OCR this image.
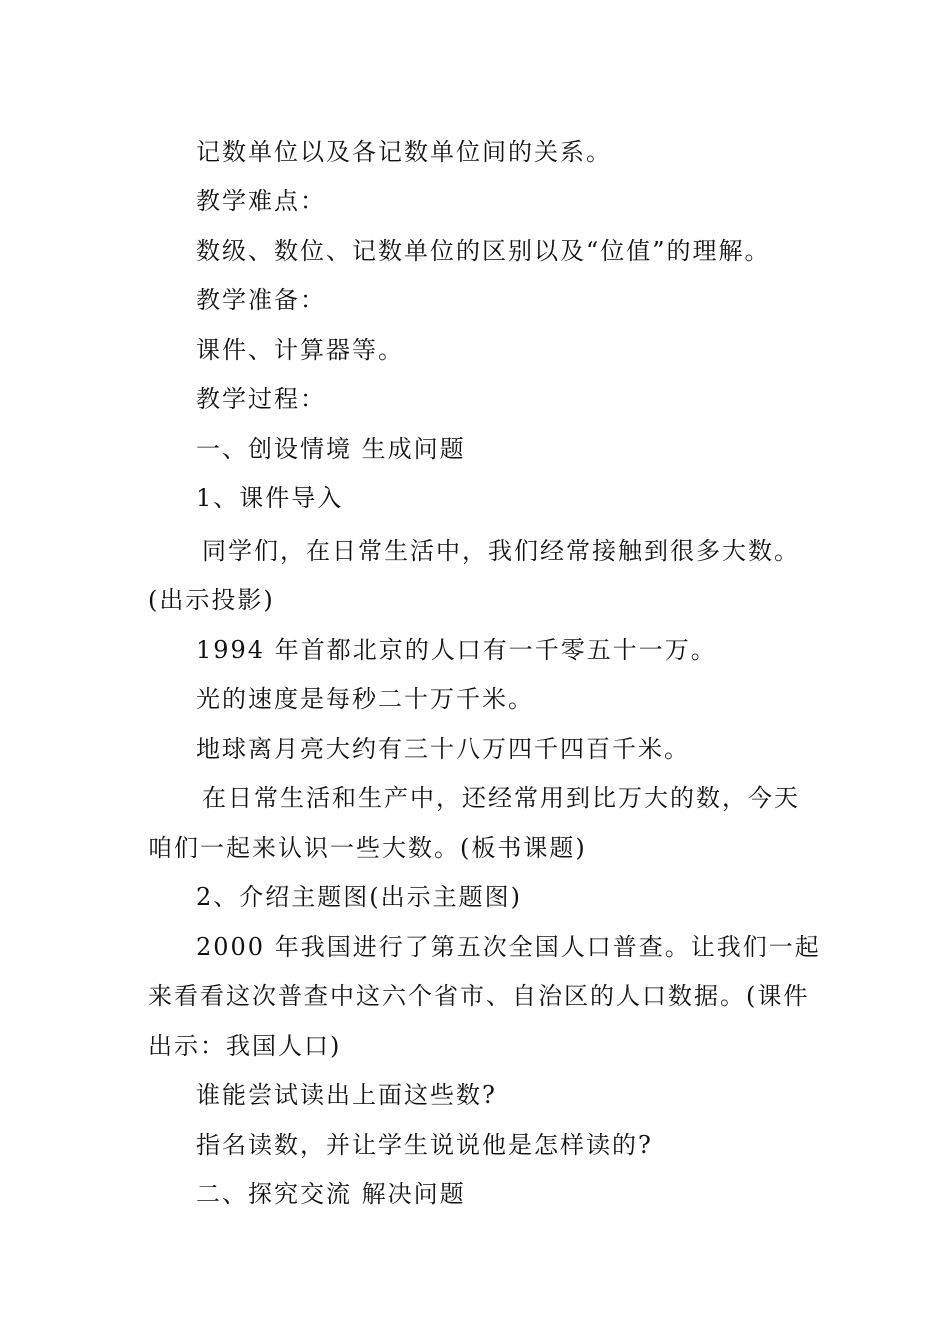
记数单位以及各记数单位间的关系。
教学难点：
数级、数位、记数单位的区别以及“位值”的理解。
教学准备：
课件、计算器等。
教学过程：
一、创设情境 生成问题
1、课件导入
同学们，在日常生活中，我们经常接触到很多大数。
(出示投影)
1994 年首都北京的人口有一千零五十一万。
光的速度是每秒二十万千米。
地球离月亮大约有三十八万四千四百千米。
在日常生活和生产中，还经常用到比万大的数，今天
咱们一起来认识一些大数。(板书课题)
2、介绍主题图(出示主题图)
2000 年我国进行了第五次全国人口普查。让我们一起
来看看这次普查中这六个省市、自治区的人口数据。(课件
出示：我国人口)
谁能尝试读出上面这些数?
指名读数，并让学生说说他是怎样读的?
二、探究交流 解决问题
